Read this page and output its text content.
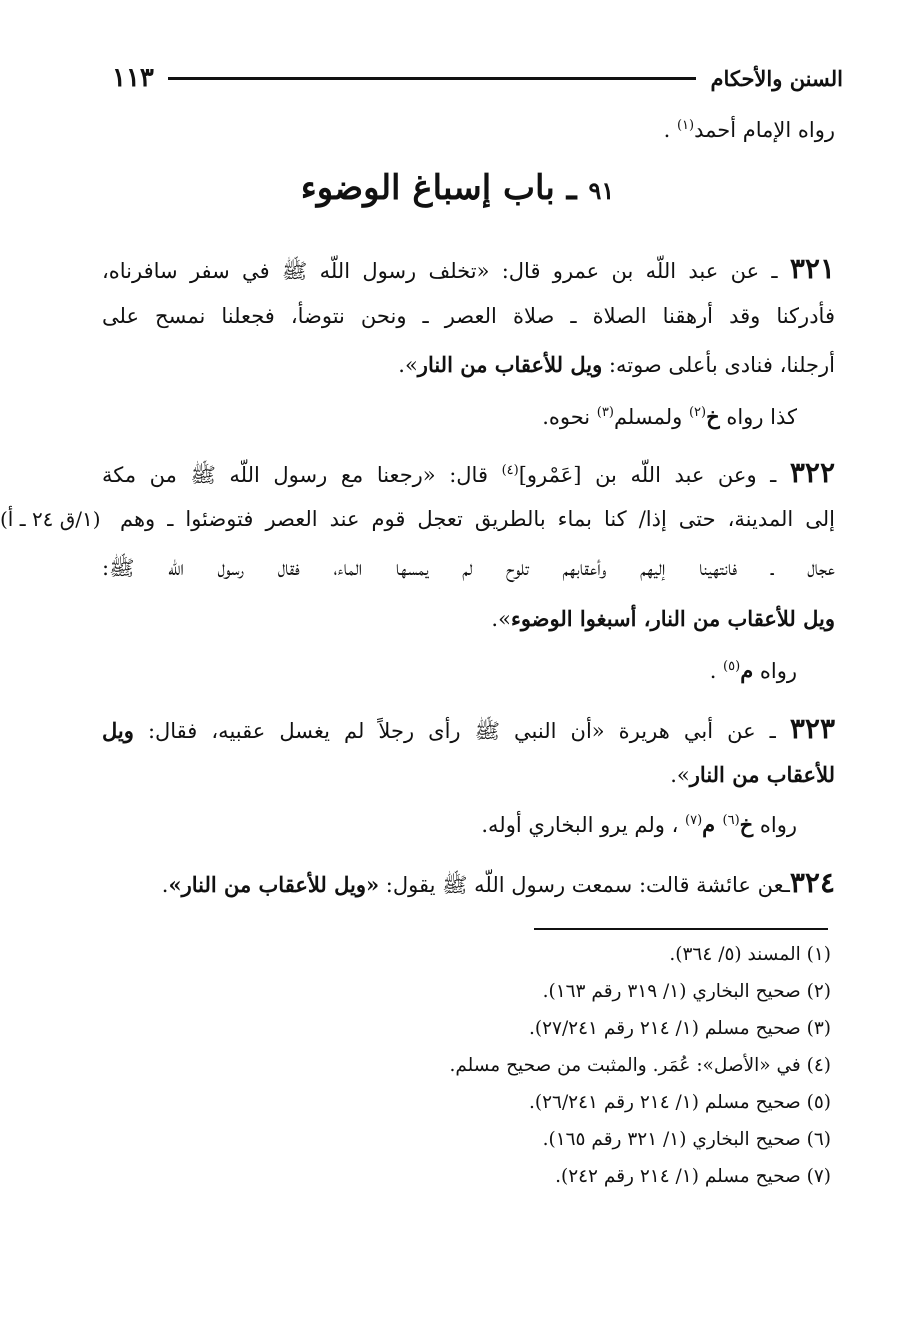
السنن والأحكام
١١٣
رواه الإمام أحمد$^{(١)}$ .
٩١ ـ باب إسباغ الوضوء
٣٢١ ـ عن عبد اللّه بن عمرو قال: «تخلف رسول اللّه ﷺ في سفر سافرناه،
فأدركنا وقد أرهقنا الصلاة ـ صلاة العصر ـ ونحن نتوضأ، فجعلنا نمسح على
أرجلنا، فنادى بأعلى صوته: ويل للأعقاب من النار».
كذا رواه خ$^{(٢)}$ ولمسلم$^{(٣)}$ نحوه.
٣٢٢ ـ وعن عبد اللّه بن [عَمْرو]$^{(٤)}$ قال: «رجعنا مع رسول اللّه ﷺ من مكة
إلى المدينة، حتى إذا/ كنا بماء بالطريق تعجل قوم عند العصر فتوضئوا ـ وهم
(١/ق ٢٤ ـ أ)
عجال ـ فانتهينا إليهم وأعقابهم تلوح لم يمسها الماء، فقال رسول اللّه ﷺ:
ويل للأعقاب من النار، أسبغوا الوضوء».
رواه م$^{(٥)}$ .
٣٢٣ ـ عن أبي هريرة «أن النبي ﷺ رأى رجلاً لم يغسل عقبيه، فقال: ويل
للأعقاب من النار».
رواه خ$^{(٦)}$ م$^{(٧)}$ ، ولم يرو البخاري أوله.
٣٢٤ـعن عائشة قالت: سمعت رسول اللّه ﷺ يقول: «ويل للأعقاب من النار».
(١) المسند (٥/ ٣٦٤).
(٢) صحيح البخاري (١/ ٣١٩ رقم ١٦٣).
(٣) صحيح مسلم (١/ ٢١٤ رقم ٢٧/٢٤١).
(٤) في «الأصل»: عُمَر. والمثبت من صحيح مسلم.
(٥) صحيح مسلم (١/ ٢١٤ رقم ٢٦/٢٤١).
(٦) صحيح البخاري (١/ ٣٢١ رقم ١٦٥).
(٧) صحيح مسلم (١/ ٢١٤ رقم ٢٤٢).
